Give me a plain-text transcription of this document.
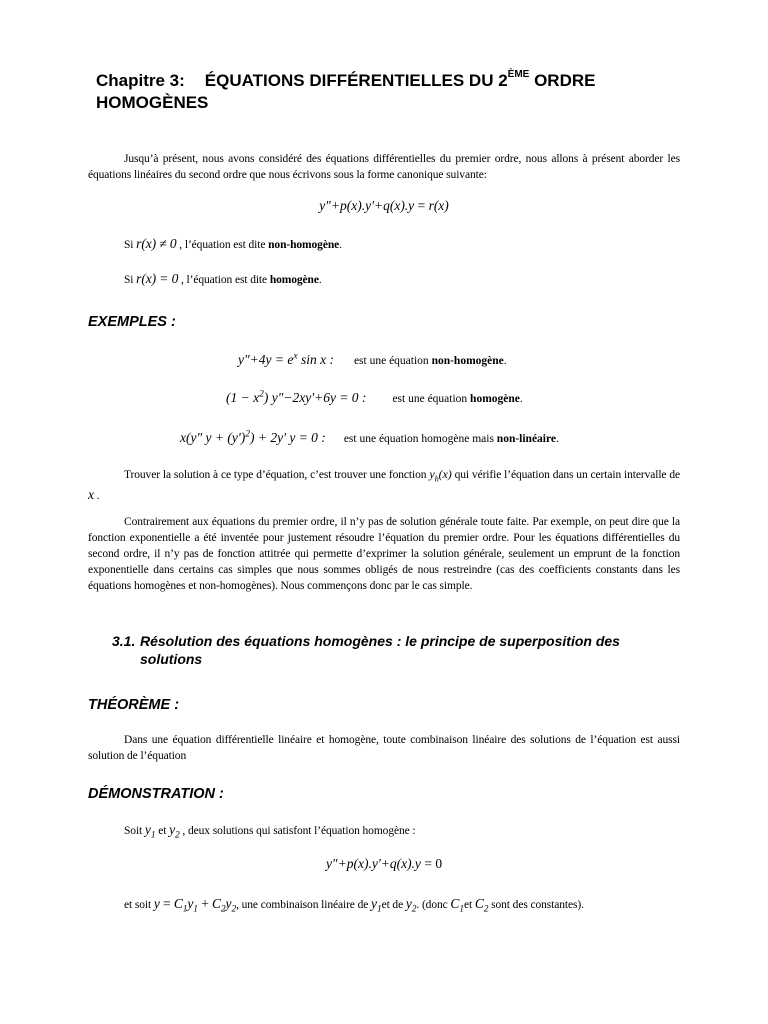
Chapitre 3: ÉQUATIONS DIFFÉRENTIELLES DU 2ÈME ORDRE
HOMOGÈNES

Jusqu’à présent, nous avons considéré des équations différentielles du premier ordre, nous allons à présent aborder les équations linéaires du second ordre que nous écrivons sous la forme canonique suivante:

y"+p(x).y'+q(x).y = r(x)
Si r(x) ≠ 0 , l’équation est dite non-homogène.
Si r(x) = 0 , l’équation est dite homogène.
EXEMPLES :
y"+4y = $e^x$ sin x : est une équation non-homogène.
$(1 - x^2)$ y"−2xy'+6y = 0 : est une équation homogène.
x(y" $y + (y')^2) + 2y'$ y = 0 : est une équation homogène mais non-linéaire.

Trouver la solution à ce type d’équation, c’est trouver une fonction $y_h(x)$ qui vérifie l’équation dans un certain intervalle de x .

Contrairement aux équations du premier ordre, il n’y pas de solution générale toute faite. Par exemple, on peut dire que la fonction exponentielle a été inventée pour justement résoudre l’équation du premier ordre. Pour les équations différentielles du second ordre, il n’y pas de fonction attitrée qui permette d’exprimer la solution générale, seulement un emprunt de la fonction exponentielle dans certains cas simples que nous sommes obligés de nous restreindre (cas des coefficients constants dans les équations homogènes et non-homogènes). Nous commençons donc par le cas simple.

3.1. Résolution des équations homogènes : le principe de superposition des
solutions
THÉORÈME :

Dans une équation différentielle linéaire et homogène, toute combinaison linéaire des solutions de l’équation est aussi solution de l’équation

DÉMONSTRATION :
Soit $y_1$ et $y_2$ , deux solutions qui satisfont l’équation homogène :
y"+p(x).y'+q(x).y = 0
et soit $y = C_1y_1 + C_2y_2$, une combinaison linéaire de $y_1et$ de $y_2$. (donc $C_1et$ $C_2$ sont des constantes).
